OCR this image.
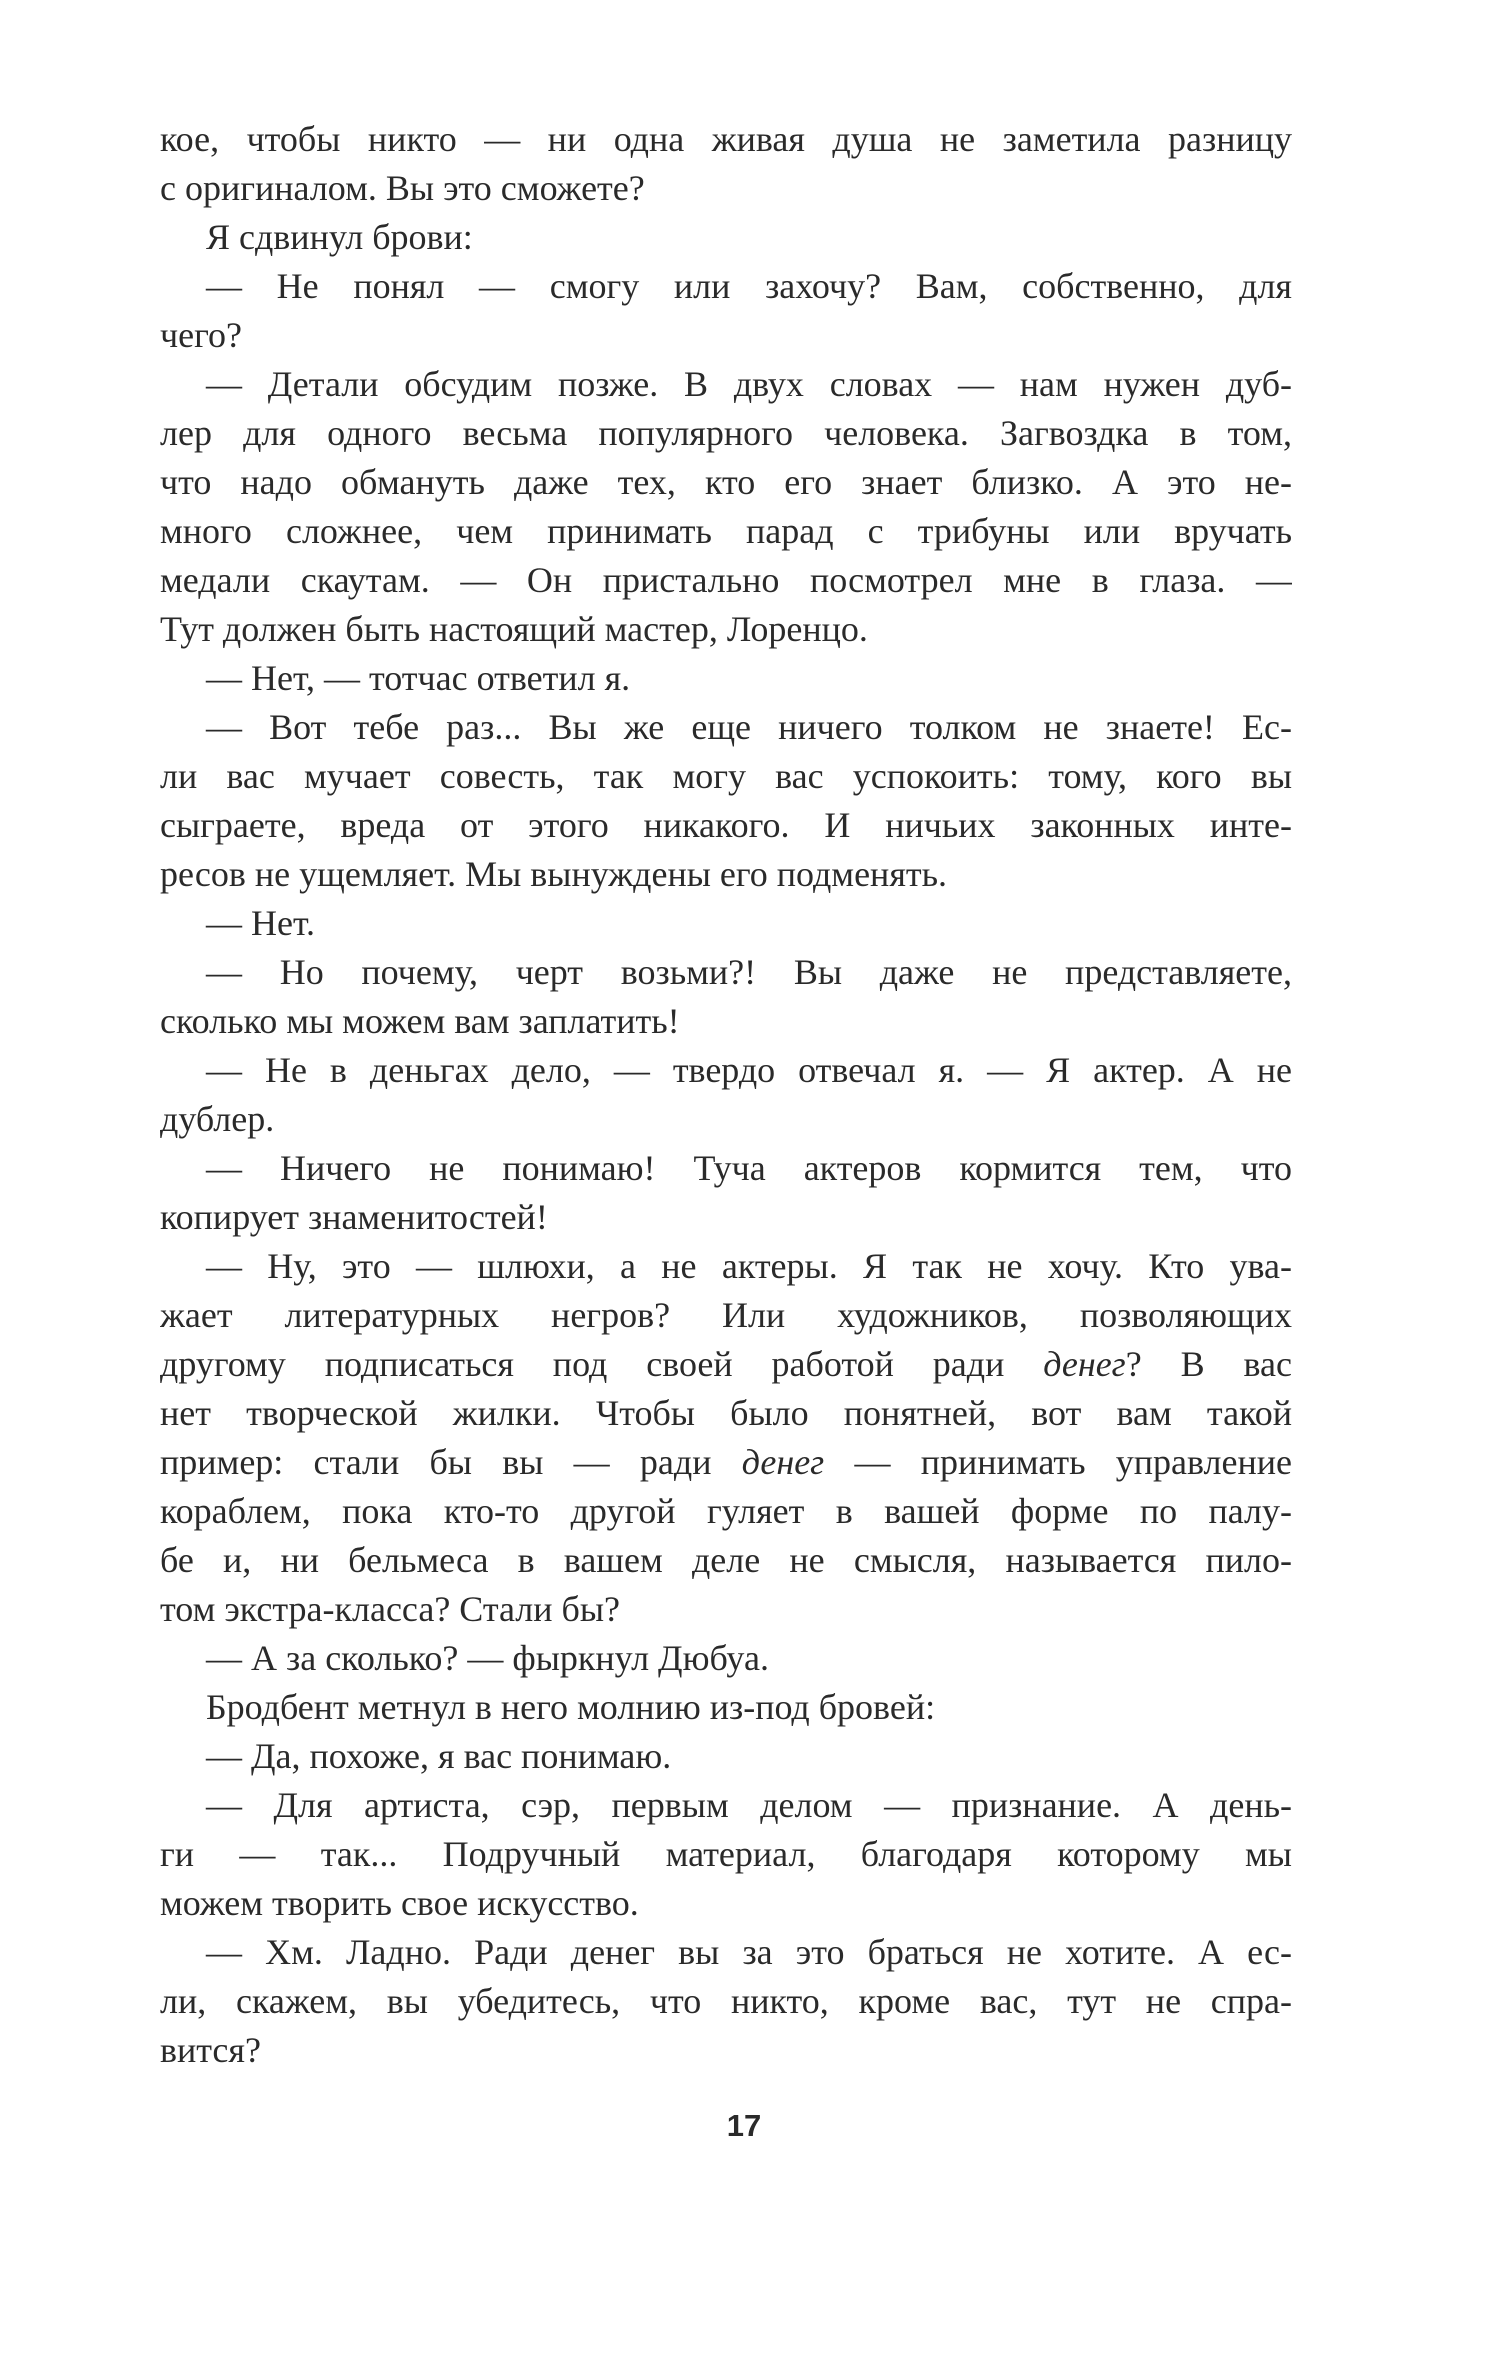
кое, чтобы никто — ни одна живая душа не заметила разницу
с оригиналом. Вы это сможете?
Я сдвинул брови:
— Не понял — смогу или захочу? Вам, собственно, для
чего?
— Детали обсудим позже. В двух словах — нам нужен дуб-
лер для одного весьма популярного человека. Загвоздка в том,
что надо обмануть даже тех, кто его знает близко. А это не-
много сложнее, чем принимать парад с трибуны или вручать
медали скаутам. — Он пристально посмотрел мне в глаза. —
Тут должен быть настоящий мастер, Лоренцо.
— Нет, — тотчас ответил я.
— Вот тебе раз... Вы же еще ничего толком не знаете! Ес-
ли вас мучает совесть, так могу вас успокоить: тому, кого вы
сыграете, вреда от этого никакого. И ничьих законных инте-
ресов не ущемляет. Мы вынуждены его подменять.
— Нет.
— Но почему, черт возьми?! Вы даже не представляете,
сколько мы можем вам заплатить!
— Не в деньгах дело, — твердо отвечал я. — Я актер. А не
дублер.
— Ничего не понимаю! Туча актеров кормится тем, что
копирует знаменитостей!
— Ну, это — шлюхи, а не актеры. Я так не хочу. Кто ува-
жает литературных негров? Или художников, позволяющих
другому подписаться под своей работой ради денег? В вас
нет творческой жилки. Чтобы было понятней, вот вам такой
пример: стали бы вы — ради денег — принимать управление
кораблем, пока кто-то другой гуляет в вашей форме по палу-
бе и, ни бельмеса в вашем деле не смысля, называется пило-
том экстра-класса? Стали бы?
— А за сколько? — фыркнул Дюбуа.
Бродбент метнул в него молнию из-под бровей:
— Да, похоже, я вас понимаю.
— Для артиста, сэр, первым делом — признание. А день-
ги — так... Подручный материал, благодаря которому мы
можем творить свое искусство.
— Хм. Ладно. Ради денег вы за это браться не хотите. А ес-
ли, скажем, вы убедитесь, что никто, кроме вас, тут не спра-
вится?
17
